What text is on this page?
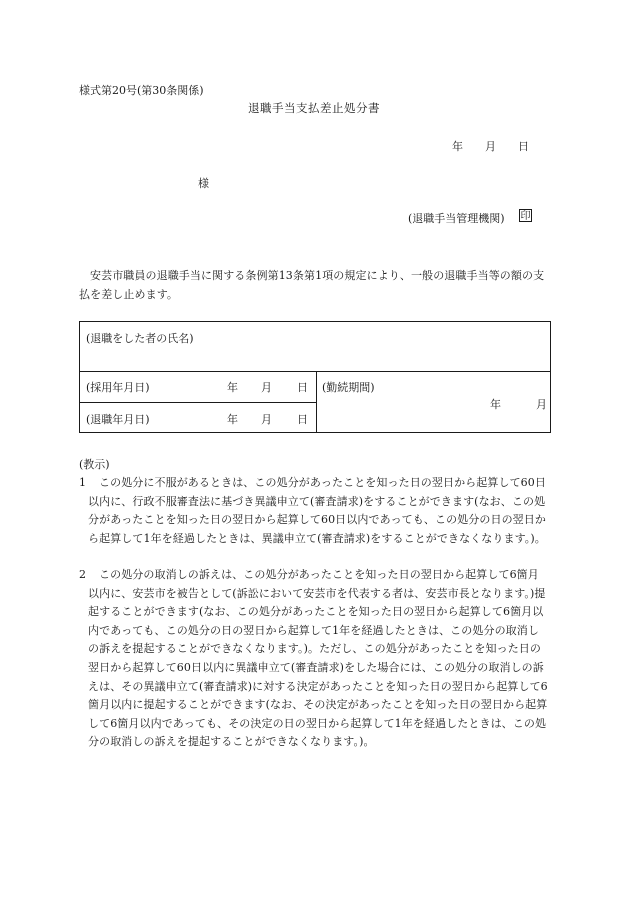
様式第20号(第30条関係)
退職手当支払差止処分書
年 月 日
様
(退職手当管理機関) 印
安芸市職員の退職手当に関する条例第13条第1項の規定により、一般の退職手当等の額の支払を差し止めます。
(退職をした者の氏名)
(採用年月日)	年 月 日
(退職年月日)	年 月 日
(勤続期間)
年	月
(教示)
1	この処分に不服があるときは、この処分があったことを知った日の翌日から起算して60日以内に、行政不服審査法に基づき異議申立て(審査請求)をすることができます(なお、この処分があったことを知った日の翌日から起算して60日以内であっても、この処分の日の翌日から起算して1年を経過したときは、異議申立て(審査請求)をすることができなくなります。)。
2	この処分の取消しの訴えは、この処分があったことを知った日の翌日から起算して6箇月以内に、安芸市を被告として(訴訟において安芸市を代表する者は、安芸市長となります。)提起することができます(なお、この処分があったことを知った日の翌日から起算して6箇月以内であっても、この処分の日の翌日から起算して1年を経過したときは、この処分の取消しの訴えを提起することができなくなります。)。ただし、この処分があったことを知った日の翌日から起算して60日以内に異議申立て(審査請求)をした場合には、この処分の取消しの訴えは、その異議申立て(審査請求)に対する決定があったことを知った日の翌日から起算して6箇月以内に提起することができます(なお、その決定があったことを知った日の翌日から起算して6箇月以内であっても、その決定の日の翌日から起算して1年を経過したときは、この処分の取消しの訴えを提起することができなくなります。)。
